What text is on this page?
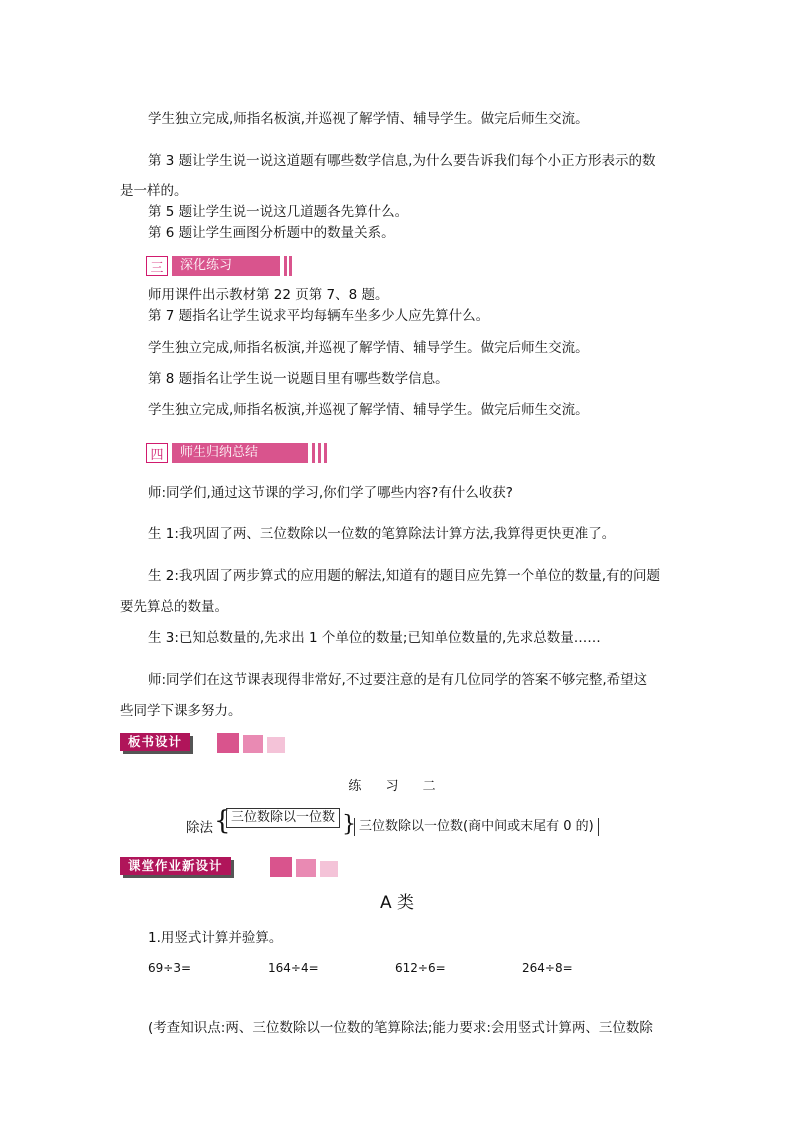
学生独立完成,师指名板演,并巡视了解学情、辅导学生。做完后师生交流。
第 3 题让学生说一说这道题有哪些数学信息,为什么要告诉我们每个小正方形表示的数
是一样的。
第 5 题让学生说一说这几道题各先算什么。
第 6 题让学生画图分析题中的数量关系。
三	深化练习
师用课件出示教材第 22 页第 7、8 题。
第 7 题指名让学生说求平均每辆车坐多少人应先算什么。
学生独立完成,师指名板演,并巡视了解学情、辅导学生。做完后师生交流。
第 8 题指名让学生说一说题目里有哪些数学信息。
学生独立完成,师指名板演,并巡视了解学情、辅导学生。做完后师生交流。
四	师生归纳总结
师:同学们,通过这节课的学习,你们学了哪些内容?有什么收获?
生 1:我巩固了两、三位数除以一位数的笔算除法计算方法,我算得更快更准了。
生 2:我巩固了两步算式的应用题的解法,知道有的题目应先算一个单位的数量,有的问题
要先算总的数量。
生 3:已知总数量的,先求出 1 个单位的数量;已知单位数量的,先求总数量……
师:同学们在这节课表现得非常好,不过要注意的是有几位同学的答案不够完整,希望这
些同学下课多努力。
板书设计
练 习 二
除法 { 三位数除以一位数 } 三位数除以一位数(商中间或末尾有 0 的)
课堂作业新设计
A 类
1.用竖式计算并验算。
69÷3=	164÷4=	612÷6=	264÷8=
(考查知识点:两、三位数除以一位数的笔算除法;能力要求:会用竖式计算两、三位数除
